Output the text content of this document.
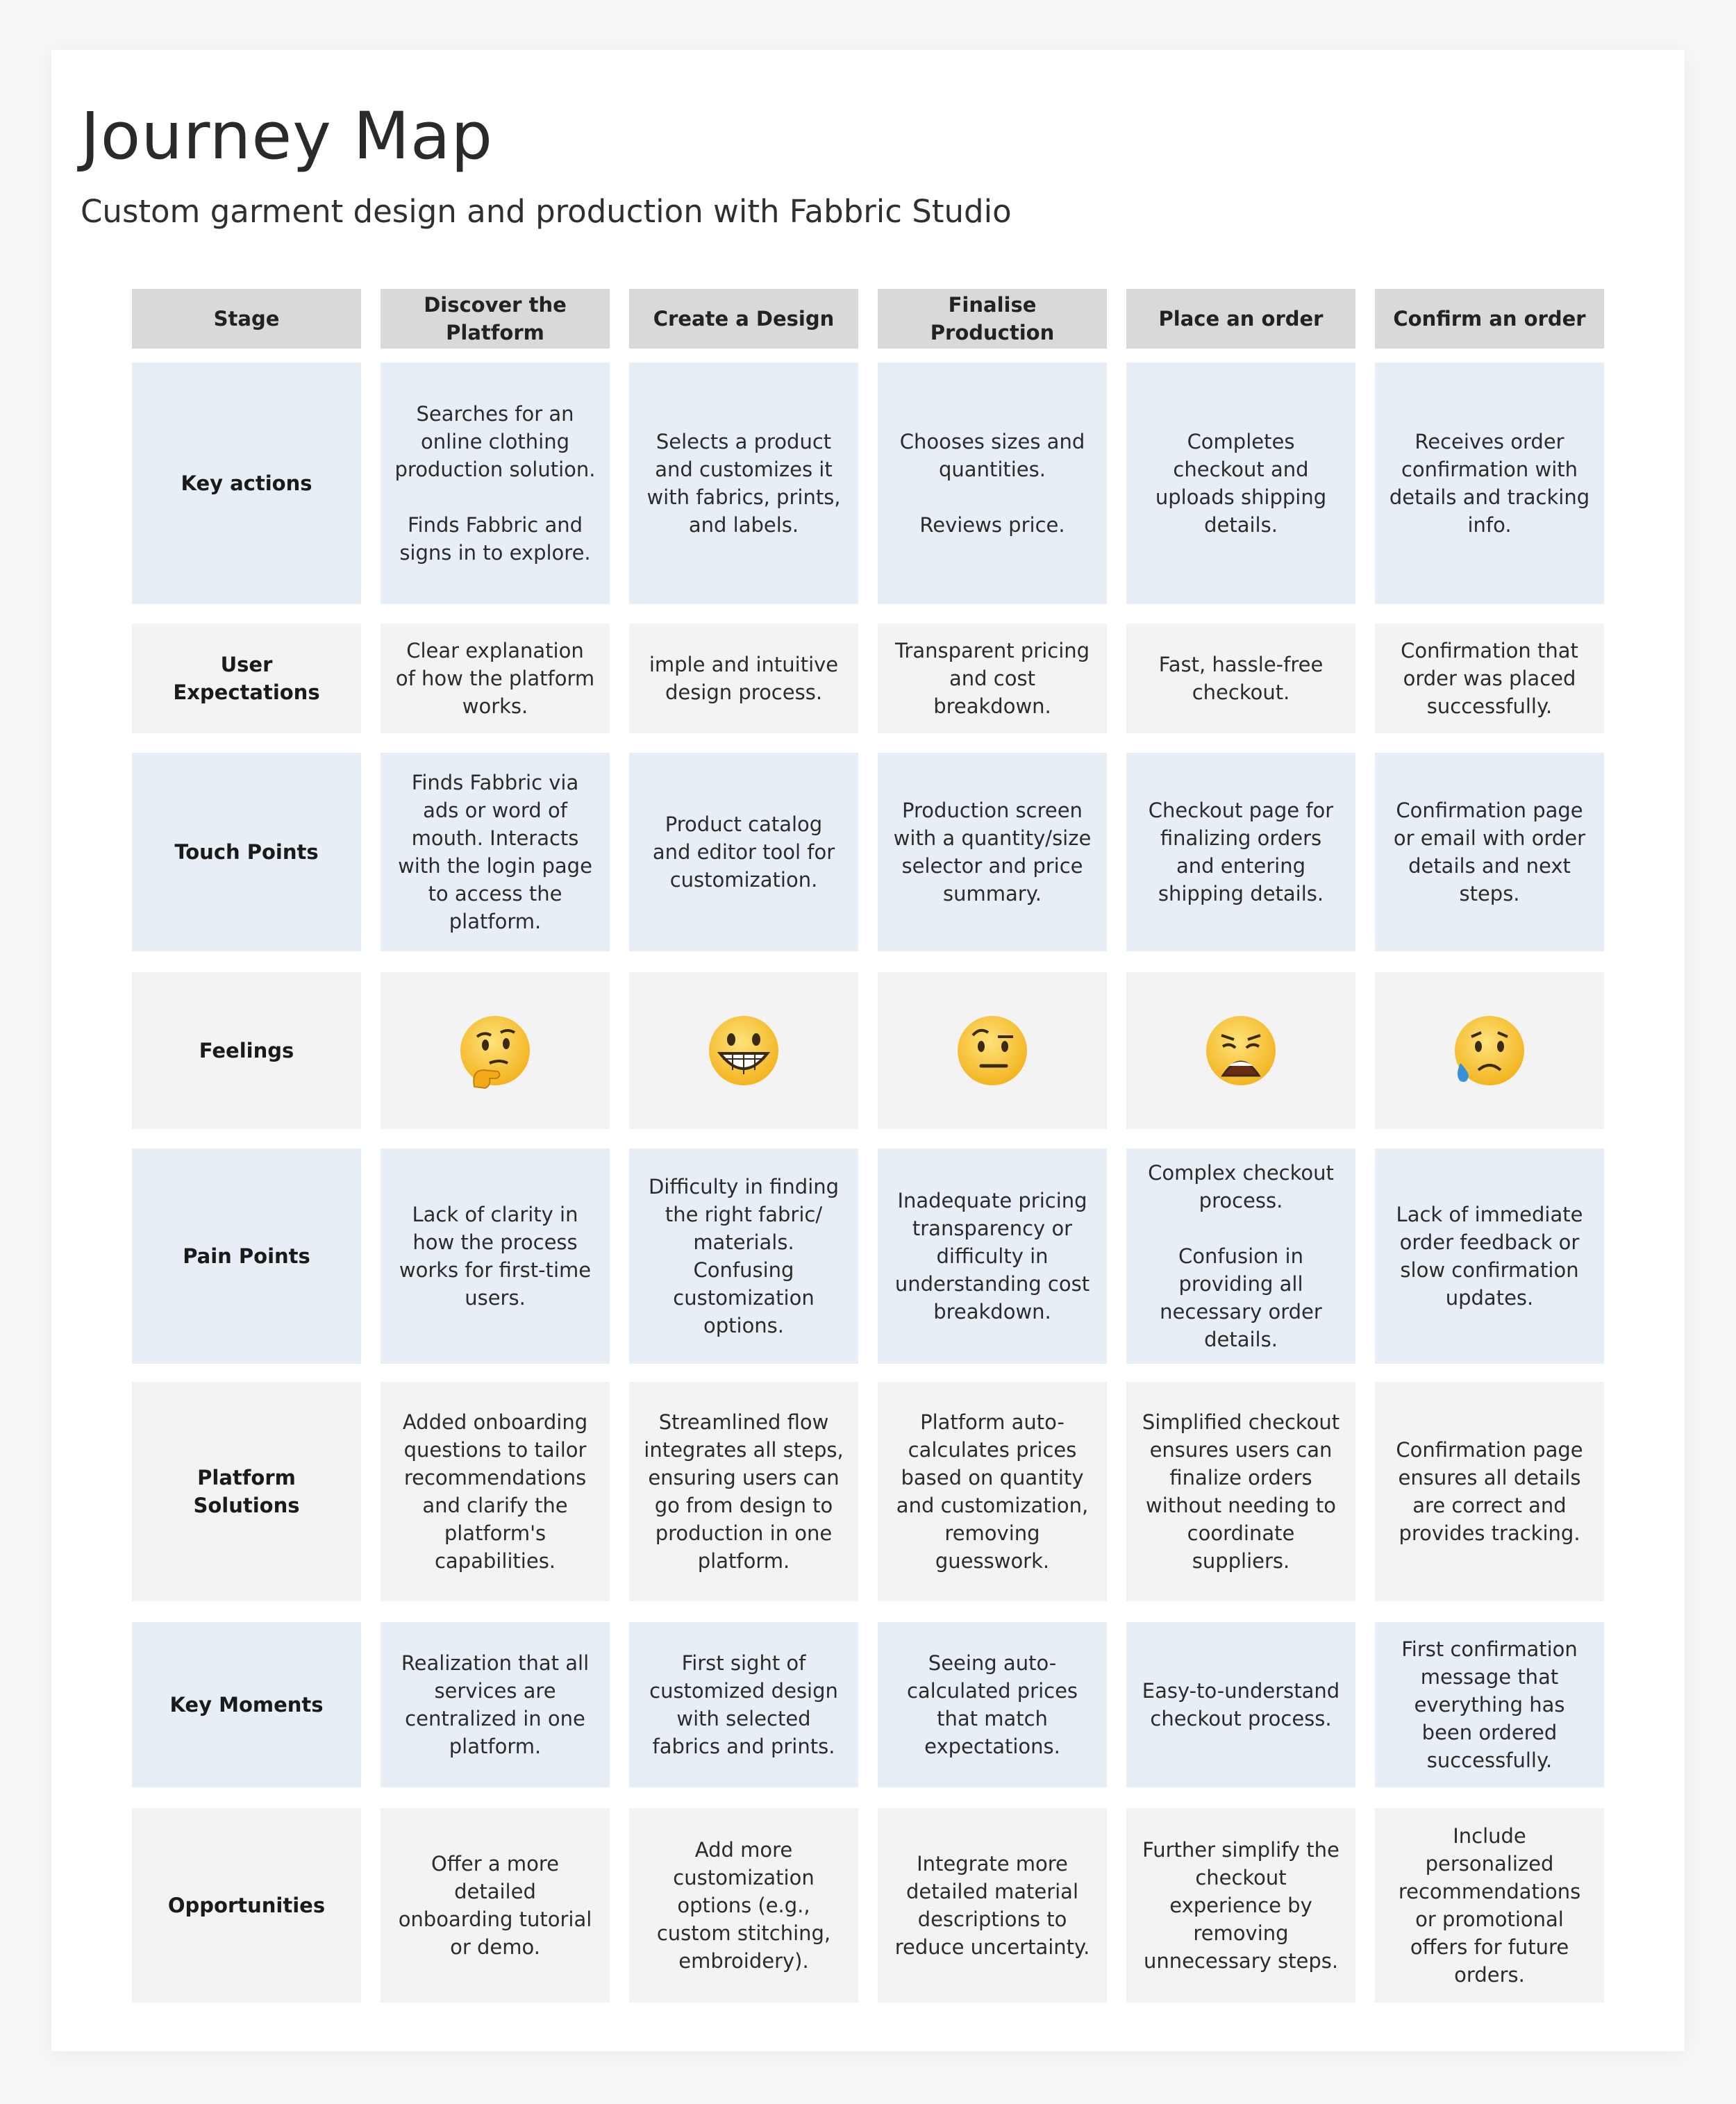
Journey Map
Custom garment design and production with Fabbric Studio
Stage
Discover the Platform
Create a Design
Finalise Production
Place an order	Confirm an order
Key actions
Searches for an online clothing production solution.

Finds Fabbric and signs in to explore.
Selects a product and customizes it with fabrics, prints, and labels.
Chooses sizes and quantities.

Reviews price.
Completes checkout and uploads shipping details.
Receives order confirmation with details and tracking info.
User Expectations
Clear explanation of how the platform works.
imple and intuitive design process.
Transparent pricing and cost breakdown.
Fast, hassle-free checkout.
Confirmation that order was placed successfully.
Touch Points
Finds Fabbric via ads or word of mouth. Interacts with the login page to access the platform.
Product catalog and editor tool for customization.
Production screen with a quantity/size selector and price summary.
Checkout page for finalizing orders and entering shipping details.
Confirmation page or email with order details and next steps.
Feelings
Pain Points
Lack of clarity in how the process works for first-time users.
Difficulty in finding the right fabric/ materials. Confusing customization options.
Inadequate pricing transparency or difficulty in understanding cost breakdown.
Complex checkout process.

Confusion in providing all necessary order details.
Lack of immediate order feedback or slow confirmation updates.
Platform Solutions
Added onboarding questions to tailor recommendations and clarify the platform's capabilities.
Streamlined flow integrates all steps, ensuring users can go from design to production in one platform.
Platform auto-calculates prices based on quantity and customization, removing guesswork.
Simplified checkout ensures users can finalize orders without needing to coordinate suppliers.
Confirmation page ensures all details are correct and provides tracking.
Key Moments
Realization that all services are centralized in one platform.
First sight of customized design with selected fabrics and prints.
Seeing auto-calculated prices that match expectations.
Easy-to-understand checkout process.
First confirmation message that everything has been ordered successfully.
Opportunities
Offer a more detailed onboarding tutorial or demo.
Add more customization options (e.g., custom stitching, embroidery).
Integrate more detailed material descriptions to reduce uncertainty.
Further simplify the checkout experience by removing unnecessary steps.
Include personalized recommendations or promotional offers for future orders.
